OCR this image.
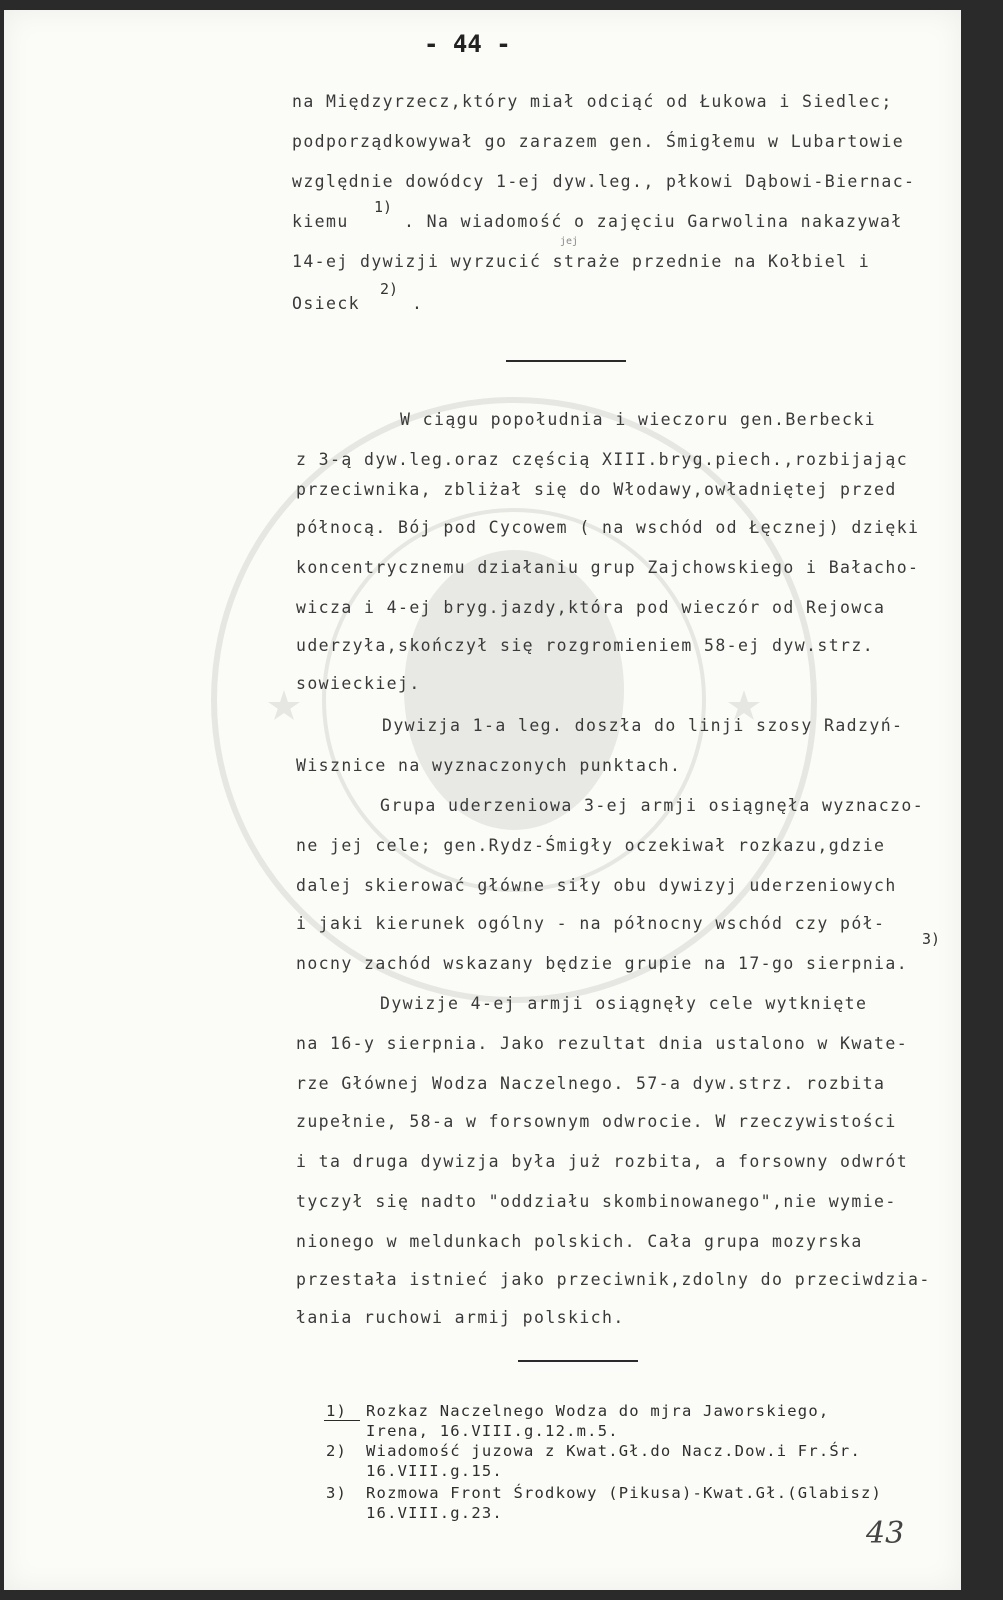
- 44 -
na Międzyrzecz,który miał odciąć od Łukowa i Siedlec;
podporządkowywał go zarazem gen. Śmigłemu w Lubartowie
względnie dowódcy 1-ej dyw.leg., płkowi Dąbowi-Biernac-
kiemu
1)
. Na wiadomość o zajęciu Garwolina nakazywał
jej
14-ej dywizji wyrzucić straże przednie na Kołbiel i
Osieck
2)
.
W ciągu popołudnia i wieczoru gen.Berbecki
z 3-ą dyw.leg.oraz częścią XIII.bryg.piech.,rozbijając
przeciwnika, zbliżał się do Włodawy,owładniętej przed
północą. Bój pod Cycowem ( na wschód od Łęcznej) dzięki
koncentrycznemu działaniu grup Zajchowskiego i Bałacho-
wicza i 4-ej bryg.jazdy,która pod wieczór od Rejowca
uderzyła,skończył się rozgromieniem 58-ej dyw.strz.
sowieckiej.
Dywizja 1-a leg. doszła do linji szosy Radzyń-
Wisznice na wyznaczonych punktach.
Grupa uderzeniowa 3-ej armji osiągnęła wyznaczo-
ne jej cele; gen.Rydz-Śmigły oczekiwał rozkazu,gdzie
dalej skierować główne siły obu dywizyj uderzeniowych
i jaki kierunek ogólny - na północny wschód czy pół-
nocny zachód wskazany będzie grupie na 17-go sierpnia.
3)
Dywizje 4-ej armji osiągnęły cele wytknięte
na 16-y sierpnia. Jako rezultat dnia ustalono w Kwate-
rze Głównej Wodza Naczelnego. 57-a dyw.strz. rozbita
zupełnie, 58-a w forsownym odwrocie. W rzeczywistości
i ta druga dywizja była już rozbita, a forsowny odwrót
tyczył się nadto "oddziału skombinowanego",nie wymie-
nionego w meldunkach polskich. Cała grupa mozyrska
przestała istnieć jako przeciwnik,zdolny do przeciwdzia-
łania ruchowi armij polskich.
1) Rozkaz Naczelnego Wodza do mjra Jaworskiego,
Irena, 16.VIII.g.12.m.5.
2) Wiadomość juzowa z Kwat.Gł.do Nacz.Dow.i Fr.Śr.
16.VIII.g.15.
3) Rozmowa Front Środkowy (Pikusa)-Kwat.Gł.(Glabisz)
16.VIII.g.23.
43
